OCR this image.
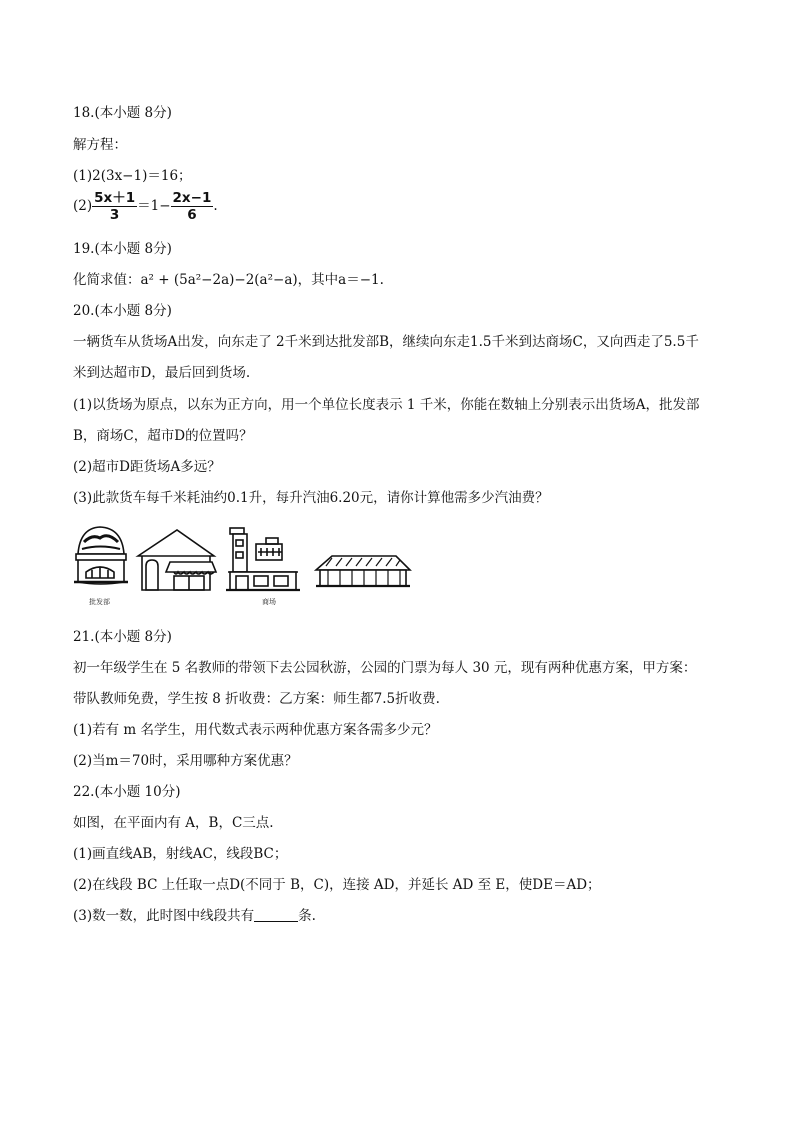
18.(本小题 8分)
解方程：
(1)2(3x−1)＝16；
$(2) \frac{5x+1}{3} =1- \frac{2x-1}{6}$ .
19.(本小题 8分)
化简求值：a² + (5a²−2a)−2(a²−a)，其中a＝−1.
20.(本小题 8分)
一辆货车从货场A出发，向东走了 2千米到达批发部B，继续向东走1.5千米到达商场C，又向西走了5.5千
米到达超市D，最后回到货场.
(1)以货场为原点，以东为正方向，用一个单位长度表示 1 千米，你能在数轴上分别表示出货场A，批发部
B，商场C，超市D的位置吗？
(2)超市D距货场A多远？
(3)此款货车每千米耗油约0.1升，每升汽油6.20元，请你计算他需多少汽油费？
批发部	商场
21.(本小题 8分)
初一年级学生在 5 名教师的带领下去公园秋游，公园的门票为每人 30 元，现有两种优惠方案，甲方案：
带队教师免费，学生按 8 折收费：乙方案：师生都7.5折收费.
(1)若有 m 名学生，用代数式表示两种优惠方案各需多少元？
(2)当m＝70时，采用哪种方案优惠？
22.(本小题 10分)
如图，在平面内有 A，B，C三点.
(1)画直线AB，射线AC，线段BC；
(2)在线段 BC 上任取一点D(不同于 B，C)，连接 AD，并延长 AD 至 E，使DE＝AD；
(3)数一数，此时图中线段共有	条.
